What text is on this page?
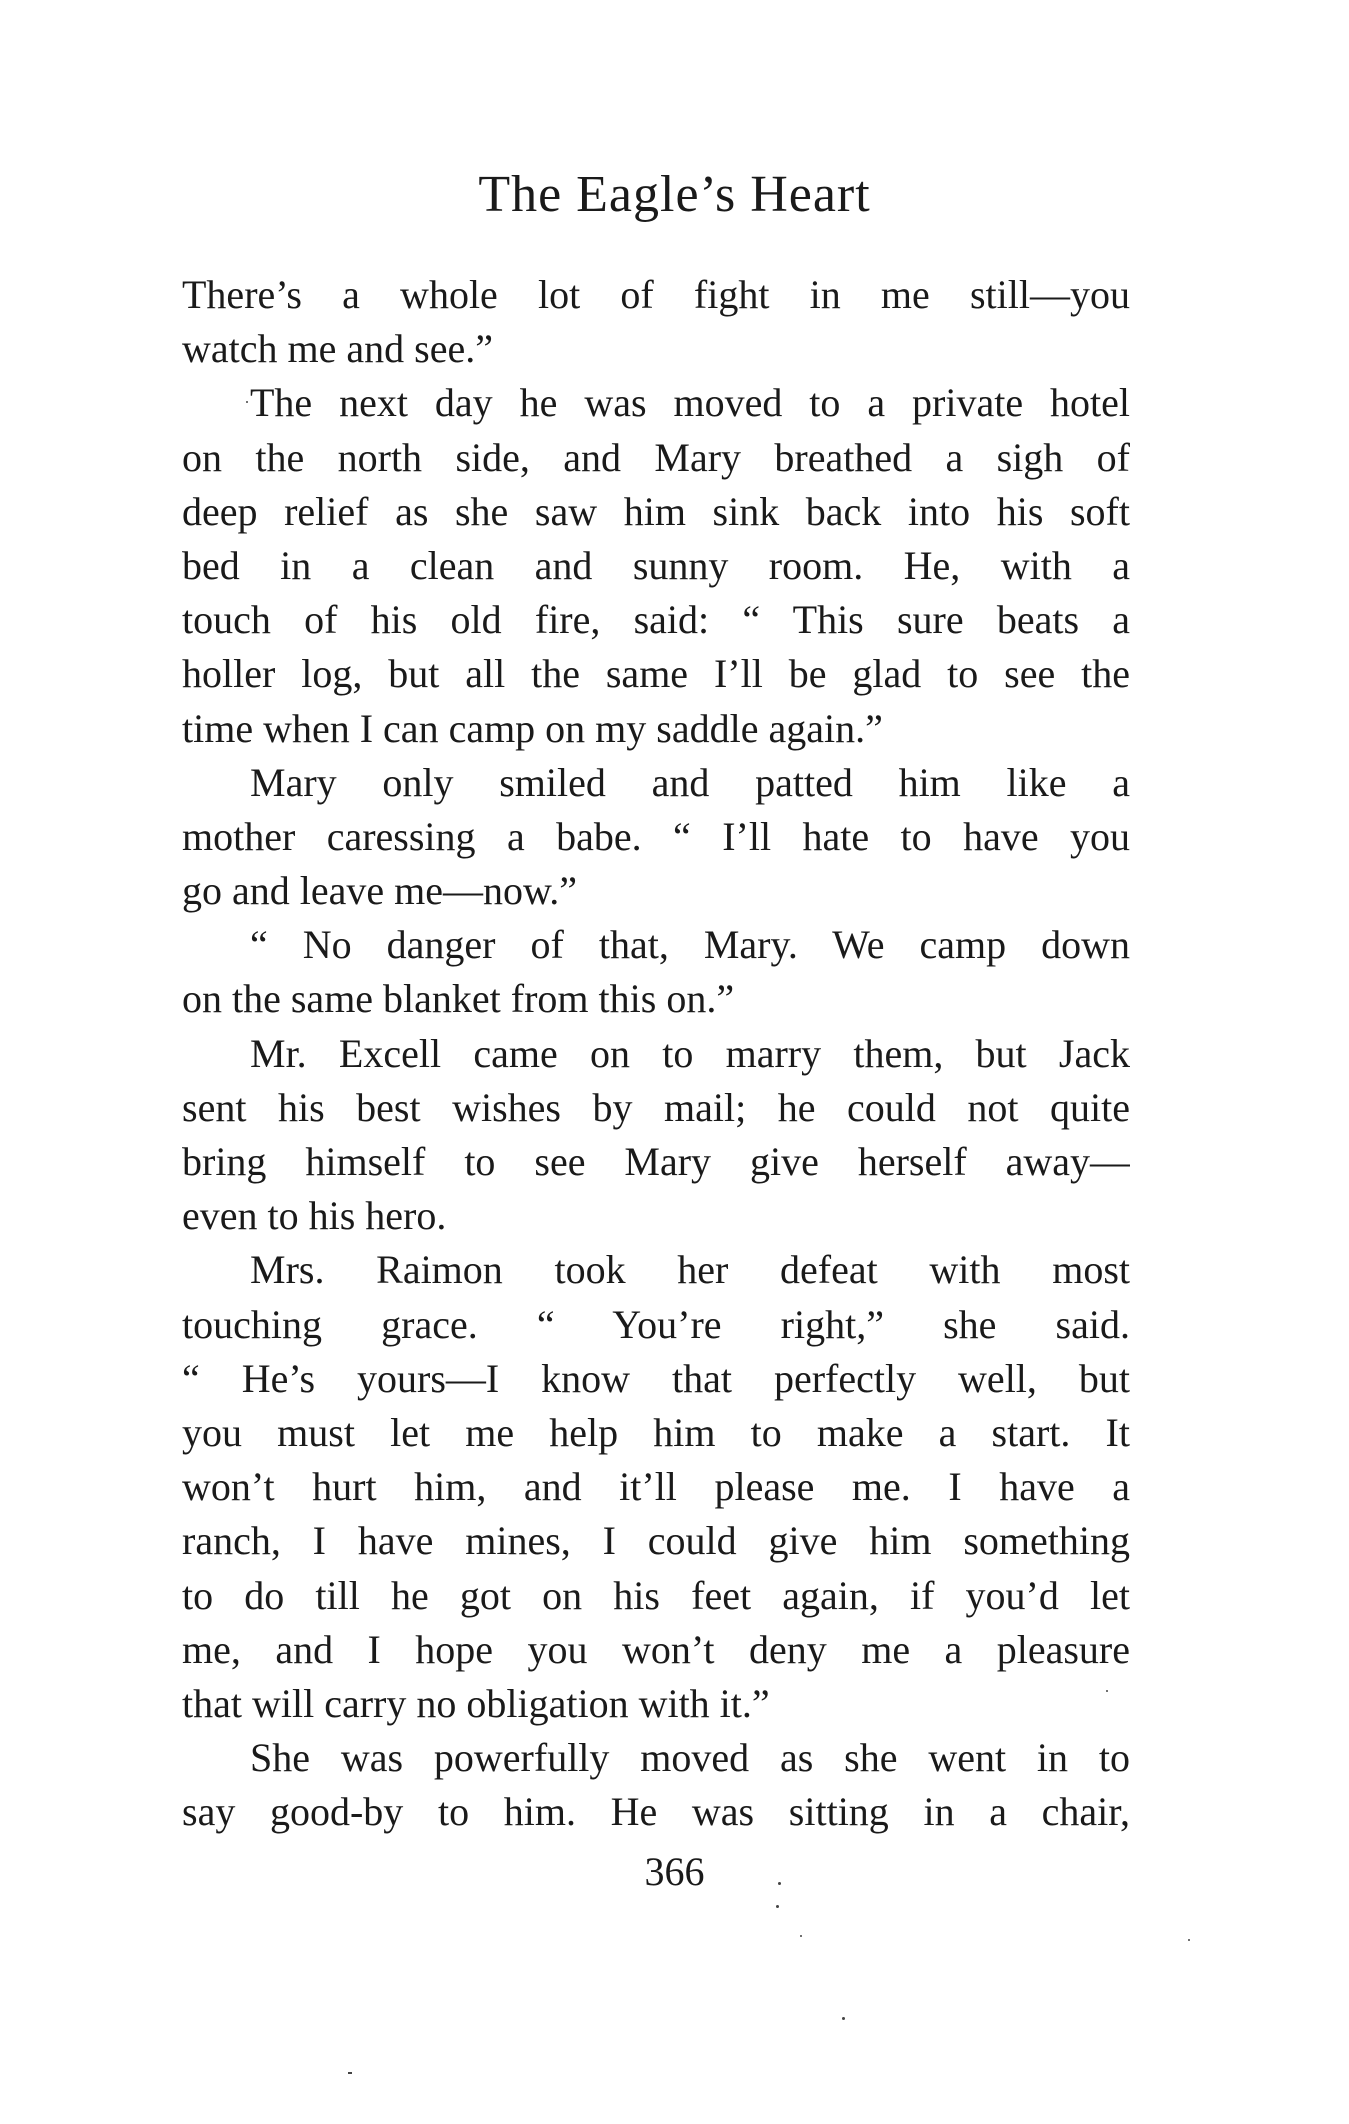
The Eagle’s Heart
There’s a whole lot of fight in me still—you
watch me and see.”
The next day he was moved to a private hotel
on the north side, and Mary breathed a sigh of
deep relief as she saw him sink back into his soft
bed in a clean and sunny room. He, with a
touch of his old fire, said: “ This sure beats a
holler log, but all the same I’ll be glad to see the
time when I can camp on my saddle again.”
Mary only smiled and patted him like a
mother caressing a babe. “ I’ll hate to have you
go and leave me—now.”
“ No danger of that, Mary. We camp down
on the same blanket from this on.”
Mr. Excell came on to marry them, but Jack
sent his best wishes by mail; he could not quite
bring himself to see Mary give herself away—
even to his hero.
Mrs. Raimon took her defeat with most
touching grace. “ You’re right,” she said.
“ He’s yours—I know that perfectly well, but
you must let me help him to make a start. It
won’t hurt him, and it’ll please me. I have a
ranch, I have mines, I could give him something
to do till he got on his feet again, if you’d let
me, and I hope you won’t deny me a pleasure
that will carry no obligation with it.”
She was powerfully moved as she went in to
say good-by to him. He was sitting in a chair,
366
